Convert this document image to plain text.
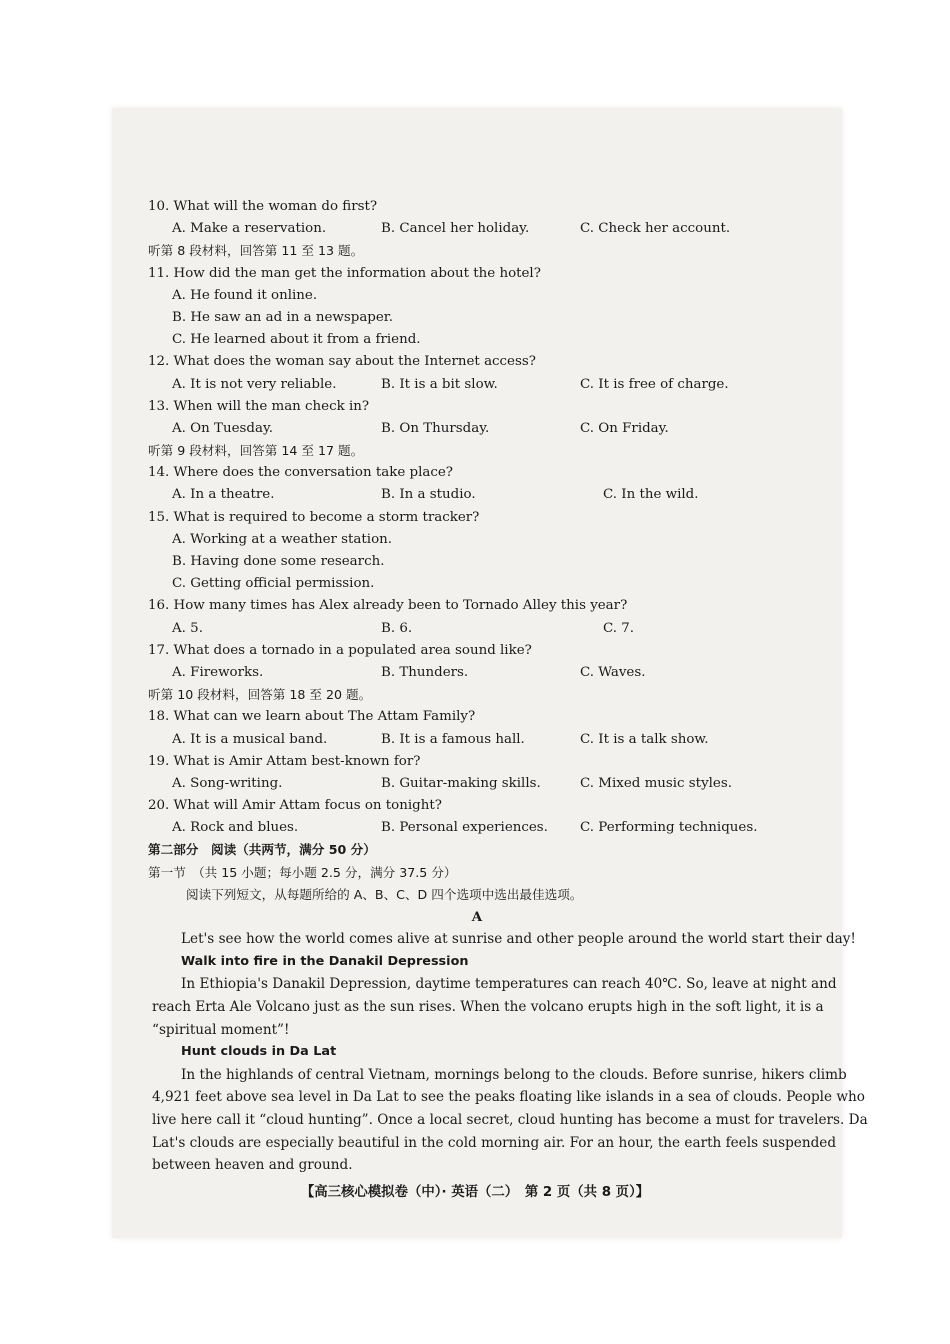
10. What will the woman do first?
A. Make a reservation.	B. Cancel her holiday.	C. Check her account.
听第 8 段材料，回答第 11 至 13 题。
11. How did the man get the information about the hotel?
A. He found it online.
B. He saw an ad in a newspaper.
C. He learned about it from a friend.
12. What does the woman say about the Internet access?
A. It is not very reliable.	B. It is a bit slow.	C. It is free of charge.
13. When will the man check in?
A. On Tuesday.	B. On Thursday.	C. On Friday.
听第 9 段材料，回答第 14 至 17 题。
14. Where does the conversation take place?
A. In a theatre.	B. In a studio.	C. In the wild.
15. What is required to become a storm tracker?
A. Working at a weather station.
B. Having done some research.
C. Getting official permission.
16. How many times has Alex already been to Tornado Alley this year?
A. 5.	B. 6.	C. 7.
17. What does a tornado in a populated area sound like?
A. Fireworks.	B. Thunders.	C. Waves.
听第 10 段材料，回答第 18 至 20 题。
18. What can we learn about The Attam Family?
A. It is a musical band.	B. It is a famous hall.	C. It is a talk show.
19. What is Amir Attam best-known for?
A. Song-writing.	B. Guitar-making skills.	C. Mixed music styles.
20. What will Amir Attam focus on tonight?
A. Rock and blues.	B. Personal experiences. C. Performing techniques.
第二部分　阅读（共两节，满分 50 分）
第一节　（共 15 小题；每小题 2.5 分，满分 37.5 分）
阅读下列短文，从每题所给的 A、B、C、D 四个选项中选出最佳选项。
A
Let's see how the world comes alive at sunrise and other people around the world start their day!
Walk into fire in the Danakil Depression
In Ethiopia's Danakil Depression, daytime temperatures can reach 40℃. So, leave at night and
reach Erta Ale Volcano just as the sun rises. When the volcano erupts high in the soft light, it is a
“spiritual moment”!
Hunt clouds in Da Lat
In the highlands of central Vietnam, mornings belong to the clouds. Before sunrise, hikers climb
4,921 feet above sea level in Da Lat to see the peaks floating like islands in a sea of clouds. People who
live here call it “cloud hunting”. Once a local secret, cloud hunting has become a must for travelers. Da
Lat's clouds are especially beautiful in the cold morning air. For an hour, the earth feels suspended
between heaven and ground.
【高三核心模拟卷（中）· 英语（二）　第 2 页（共 8 页）】
